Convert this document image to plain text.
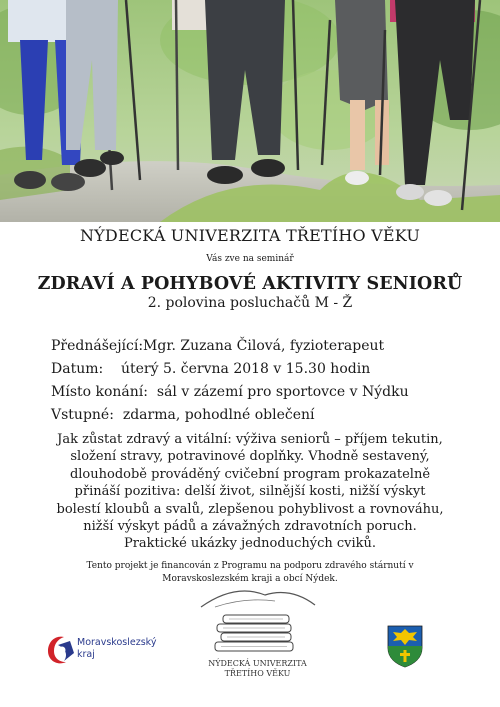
NÝDECKÁ UNIVERZITA TŘETÍHO VĚKU
Vás zve na seminář
ZDRAVÍ A POHYBOVÉ AKTIVITY SENIORŮ
2. polovina posluchačů M - Ž
Přednášející:Mgr. Zuzana Čilová, fyzioterapeut
Datum:    úterý 5. června 2018 v 15.30 hodin
Místo konání:  sál v zázemí pro sportovce v Nýdku
Vstupné:  zdarma, pohodlné oblečení
Jak zůstat zdravý a vitální: výživa seniorů – příjem tekutin,
složení stravy, potravinové doplňky. Vhodně sestavený,
dlouhodobě prováděný cvičební program prokazatelně
přináší pozitiva: delší život, silnější kosti, nižší výskyt
bolestí kloubů a svalů, zlepšenou pohyblivost a rovnováhu,
nižší výskyt pádů a závažných zdravotních poruch.
Praktické ukázky jednoduchých cviků.
Tento projekt je financován z Programu na podporu zdravého stárnutí v
Moravskoslezském kraji a obcí Nýdek.
Moravskoslezský
kraj
NÝDECKÁ UNIVERZITA
TŘETÍHO VĚKU
